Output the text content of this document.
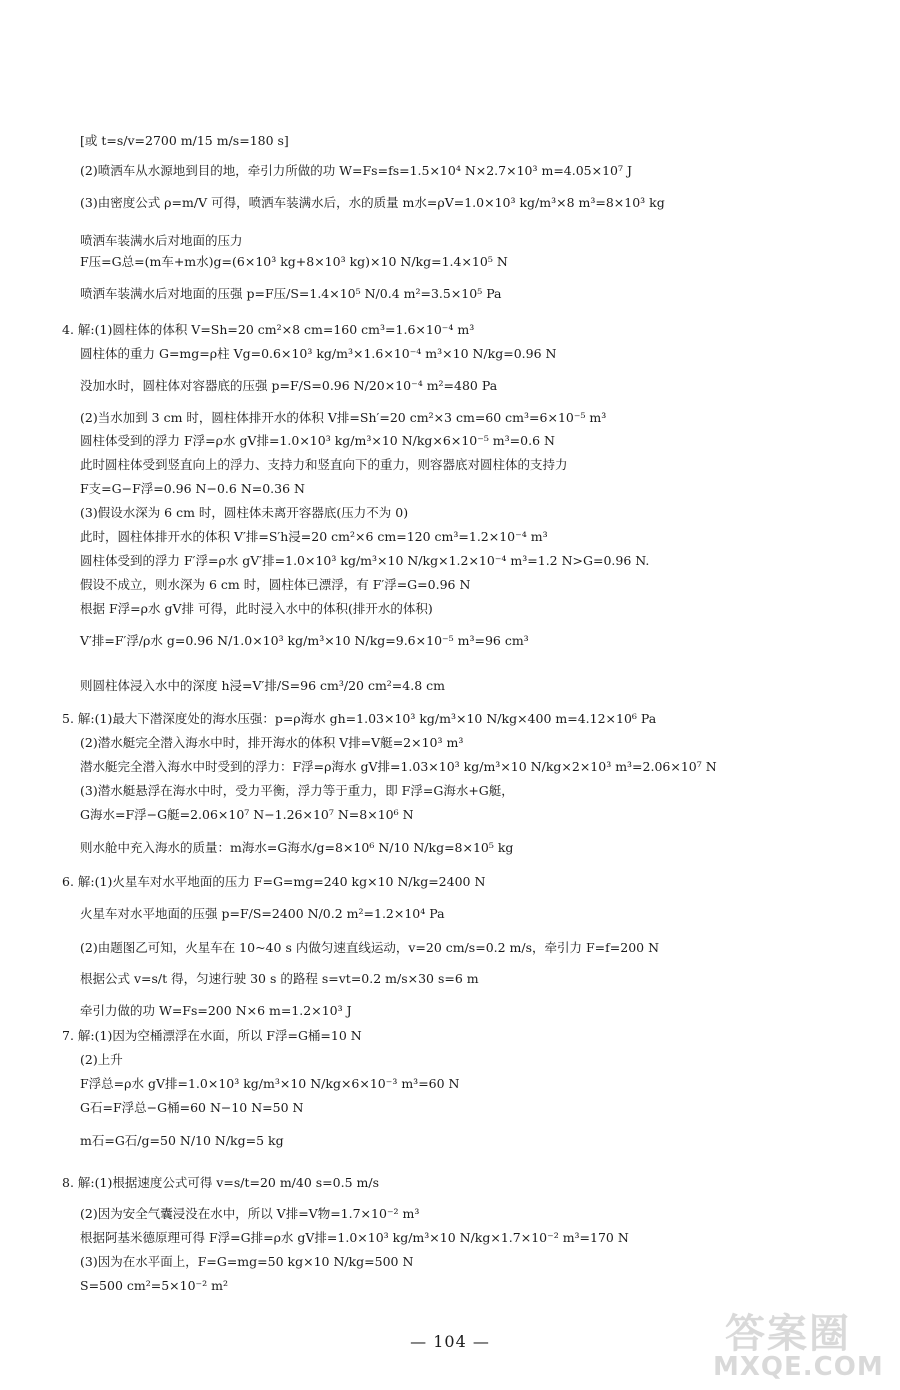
[或 t=s/v=2700 m/15 m/s=180 s]
(2)喷洒车从水源地到目的地，牵引力所做的功 W=Fs=fs=1.5×10⁴ N×2.7×10³ m=4.05×10⁷ J
(3)由密度公式 ρ=m/V 可得，喷洒车装满水后，水的质量 m水=ρV=1.0×10³ kg/m³×8 m³=8×10³ kg
喷洒车装满水后对地面的压力
F压=G总=(m车+m水)g=(6×10³ kg+8×10³ kg)×10 N/kg=1.4×10⁵ N
喷洒车装满水后对地面的压强 p=F压/S=1.4×10⁵ N/0.4 m²=3.5×10⁵ Pa
4. 解:(1)圆柱体的体积 V=Sh=20 cm²×8 cm=160 cm³=1.6×10⁻⁴ m³
圆柱体的重力 G=mg=ρ柱 Vg=0.6×10³ kg/m³×1.6×10⁻⁴ m³×10 N/kg=0.96 N
没加水时，圆柱体对容器底的压强 p=F/S=0.96 N/20×10⁻⁴ m²=480 Pa
(2)当水加到 3 cm 时，圆柱体排开水的体积 V排=Sh′=20 cm²×3 cm=60 cm³=6×10⁻⁵ m³
圆柱体受到的浮力 F浮=ρ水 gV排=1.0×10³ kg/m³×10 N/kg×6×10⁻⁵ m³=0.6 N
此时圆柱体受到竖直向上的浮力、支持力和竖直向下的重力，则容器底对圆柱体的支持力
F支=G−F浮=0.96 N−0.6 N=0.36 N
(3)假设水深为 6 cm 时，圆柱体未离开容器底(压力不为 0)
此时，圆柱体排开水的体积 V′排=S′h浸=20 cm²×6 cm=120 cm³=1.2×10⁻⁴ m³
圆柱体受到的浮力 F′浮=ρ水 gV′排=1.0×10³ kg/m³×10 N/kg×1.2×10⁻⁴ m³=1.2 N>G=0.96 N.
假设不成立，则水深为 6 cm 时，圆柱体已漂浮，有 F′浮=G=0.96 N
根据 F浮=ρ水 gV排 可得，此时浸入水中的体积(排开水的体积)
V′排=F′浮/ρ水 g=0.96 N/1.0×10³ kg/m³×10 N/kg=9.6×10⁻⁵ m³=96 cm³
则圆柱体浸入水中的深度 h浸=V′排/S=96 cm³/20 cm²=4.8 cm
5. 解:(1)最大下潜深度处的海水压强：p=ρ海水 gh=1.03×10³ kg/m³×10 N/kg×400 m=4.12×10⁶ Pa
(2)潜水艇完全潜入海水中时，排开海水的体积 V排=V艇=2×10³ m³
潜水艇完全潜入海水中时受到的浮力：F浮=ρ海水 gV排=1.03×10³ kg/m³×10 N/kg×2×10³ m³=2.06×10⁷ N
(3)潜水艇悬浮在海水中时，受力平衡，浮力等于重力，即 F浮=G海水+G艇，
G海水=F浮−G艇=2.06×10⁷ N−1.26×10⁷ N=8×10⁶ N
则水舱中充入海水的质量：m海水=G海水/g=8×10⁶ N/10 N/kg=8×10⁵ kg
6. 解:(1)火星车对水平地面的压力 F=G=mg=240 kg×10 N/kg=2400 N
火星车对水平地面的压强 p=F/S=2400 N/0.2 m²=1.2×10⁴ Pa
(2)由题图乙可知，火星车在 10~40 s 内做匀速直线运动，v=20 cm/s=0.2 m/s，牵引力 F=f=200 N
根据公式 v=s/t 得，匀速行驶 30 s 的路程 s=vt=0.2 m/s×30 s=6 m
牵引力做的功 W=Fs=200 N×6 m=1.2×10³ J
7. 解:(1)因为空桶漂浮在水面，所以 F浮=G桶=10 N
(2)上升
F浮总=ρ水 gV排=1.0×10³ kg/m³×10 N/kg×6×10⁻³ m³=60 N
G石=F浮总−G桶=60 N−10 N=50 N
m石=G石/g=50 N/10 N/kg=5 kg
8. 解:(1)根据速度公式可得 v=s/t=20 m/40 s=0.5 m/s
(2)因为安全气囊浸没在水中，所以 V排=V物=1.7×10⁻² m³
根据阿基米德原理可得 F浮=G排=ρ水 gV排=1.0×10³ kg/m³×10 N/kg×1.7×10⁻² m³=170 N
(3)因为在水平面上，F=G=mg=50 kg×10 N/kg=500 N
S=500 cm²=5×10⁻² m²
— 104 —	答案圈
MXQE.COM
